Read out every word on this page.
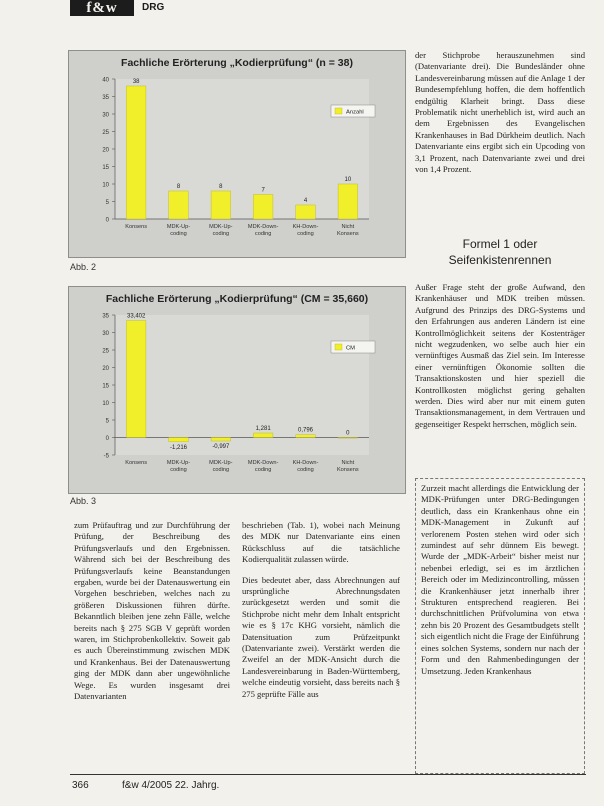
f&w	DRG
Fachliche Erörterung „Kodierprüfung“ (n = 38)
0
5
10
15
20
25
30
35
40	38
Konsens
8
MDK-Up-
coding
8
MDK-Up-
coding
7
MDK-Down-
coding
4
KH-Down-
coding
10
Nicht
Konsens
Anzahl
Abb. 2
Fachliche Erörterung „Kodierprüfung“ (CM = 35,660)
-5
0
5
10
15
20
25
30
35	33,402
Konsens
-1,216
MDK-Up-
coding
-0,997
MDK-Up-
coding
1,281
MDK-Down-
coding
0,796
KH-Down-
coding
0
Nicht
Konsens
CM
Abb. 3

zum Prüfauftrag und zur Durchführung der Prüfung, der Beschreibung des Prüfungsverlaufs und den Ergebnissen. Während sich bei der Beschreibung des Prüfungsverlaufs keine Beanstandungen ergaben, wurde bei der Datenauswertung ein Vorgehen beschrieben, welches nach zu größeren Diskussionen führen dürfte. Bekanntlich bleiben jene zehn Fälle, welche bereits nach § 275 SGB V geprüft worden waren, im Stichprobenkollektiv. Soweit gab es auch Übereinstimmung zwischen MDK und Krankenhaus. Bei der Datenauswertung ging der MDK dann aber ungewöhnliche Wege. Es wurden insgesamt drei Datenvarianten

beschrieben (Tab. 1), wobei nach Meinung des MDK nur Datenvariante eins einen Rückschluss auf die tatsächliche Kodierqualität zulassen würde.

Dies bedeutet aber, dass Abrechnungen auf ursprüngliche Abrechnungsdaten zurückgesetzt werden und somit die Stichprobe nicht mehr dem Inhalt entspricht wie es § 17c KHG vorsieht, nämlich die Datensituation zum Prüfzeitpunkt (Datenvariante zwei). Verstärkt werden die Zweifel an der MDK-Ansicht durch die Landesvereinbarung in Baden-Württemberg, welche eindeutig vorsieht, dass bereits nach § 275 geprüfte Fälle aus

der Stichprobe herauszunehmen sind (Datenvariante drei). Die Bundesländer ohne Landesvereinbarung müssen auf die Anlage 1 der Bundesempfehlung hoffen, die dem hoffentlich endgültig Klarheit bringt. Dass diese Problematik nicht unerheblich ist, wird auch an dem Ergebnissen des Evangelischen Krankenhauses in Bad Dürkheim deutlich. Nach Datenvariante eins ergibt sich ein Upcoding von 3,1 Prozent, nach Datenvariante zwei und drei von 1,4 Prozent.

Formel 1 oder
Seifenkistenrennen

Außer Frage steht der große Aufwand, den Krankenhäuser und MDK treiben müssen. Aufgrund des Prinzips des DRG-Systems und den Erfahrungen aus anderen Ländern ist eine Kontrollmöglichkeit seitens der Kostenträger nicht wegzudenken, wo selbe auch hier ein vernünftiges Ausmaß das Ziel sein. Im Interesse einer vernünftigen Ökonomie sollten die Transaktionskosten und hier speziell die Kontrollkosten möglichst gering gehalten werden. Dies wird aber nur mit einem guten Transaktionsmanagement, in dem Vertrauen und gegenseitiger Respekt herrschen, möglich sein.

Zurzeit macht allerdings die Entwicklung der MDK-Prüfungen unter DRG-Bedingungen deutlich, dass ein Krankenhaus ohne ein MDK-Management in Zukunft auf verlorenem Posten stehen wird oder sich zumindest auf sehr dünnem Eis bewegt. Wurde der „MDK-Arbeit“ bisher meist nur nebenbei erledigt, sei es im ärztlichen Bereich oder im Medizincontrolling, müssen die Krankenhäuser jetzt innerhalb ihrer Strukturen entsprechend reagieren. Bei durchschnittlichen Prüfvolumina von etwa zehn bis 20 Prozent des Gesamtbudgets stellt sich eigentlich nicht die Frage der Einführung eines solchen Systems, sondern nur nach der Form und den Rahmenbedingungen der Umsetzung. Jeden Krankenhaus

366	f&w 4/2005 22. Jahrg.
